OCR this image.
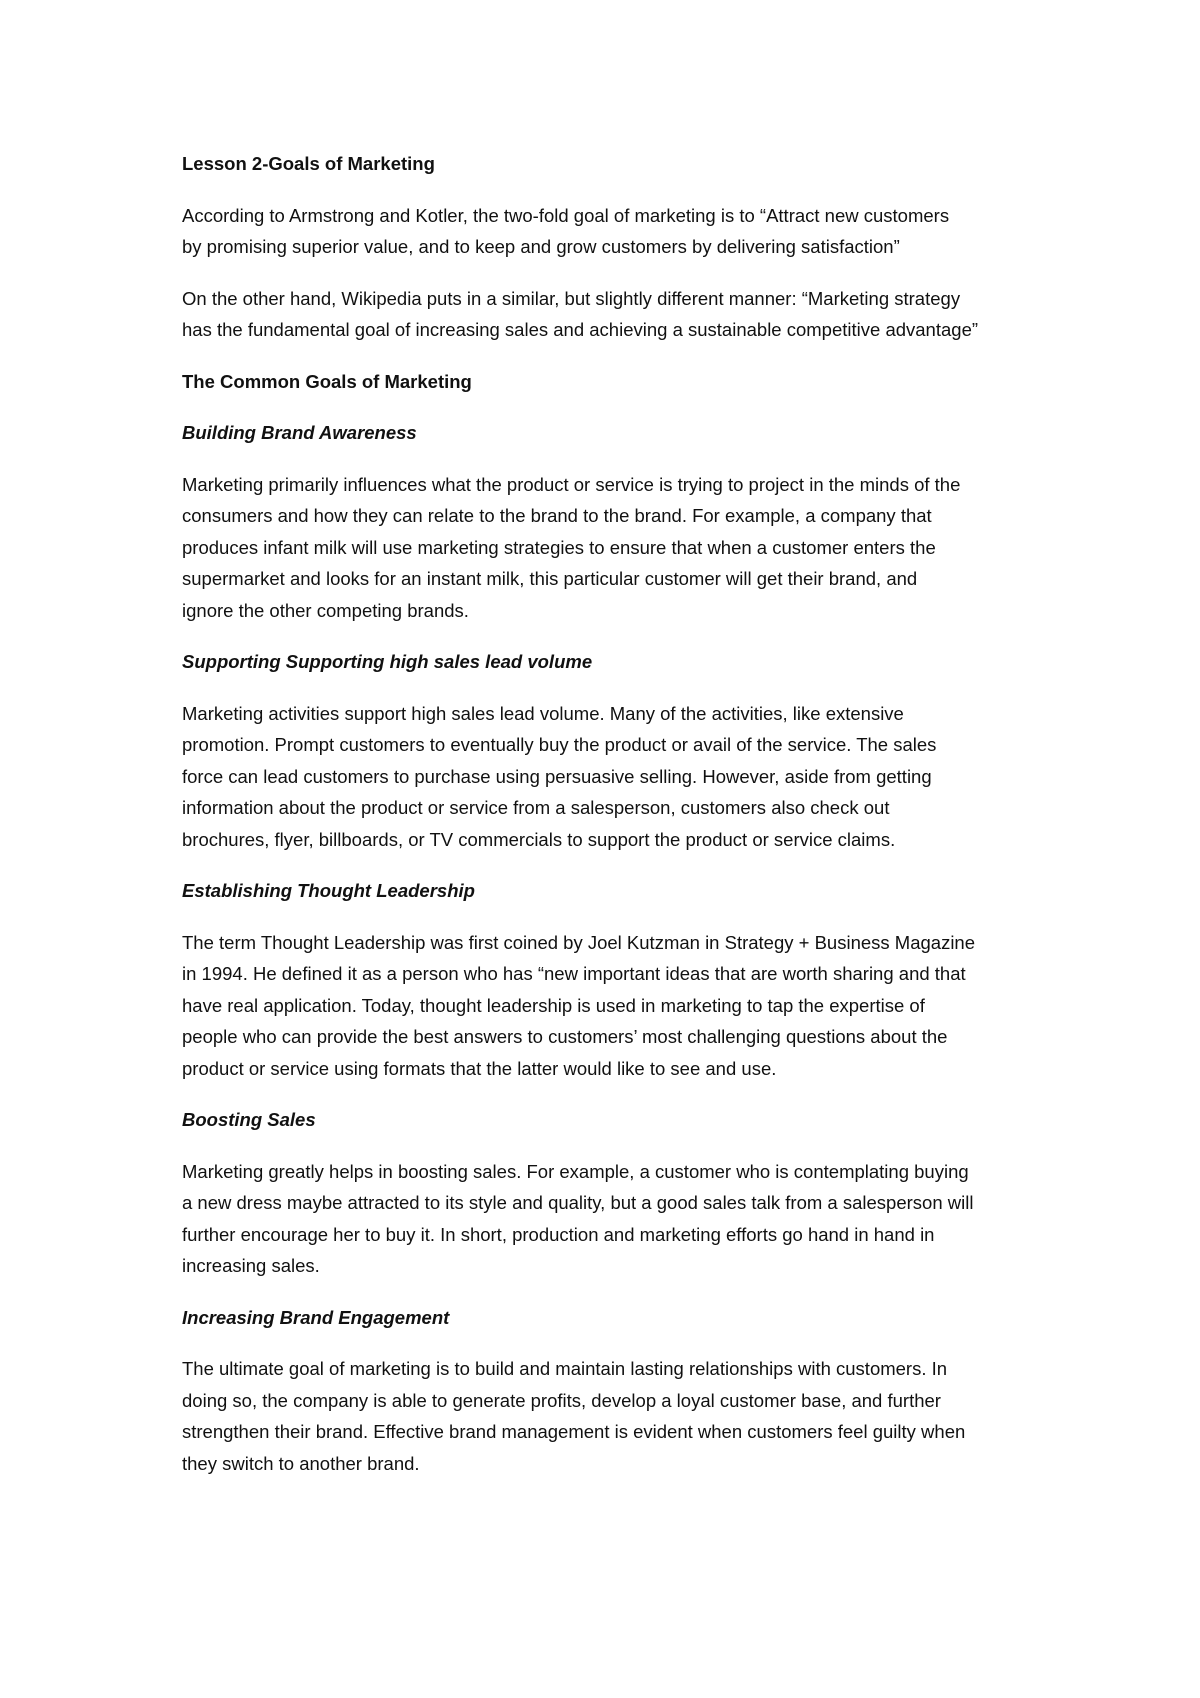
Lesson 2-Goals of Marketing
According to Armstrong and Kotler, the two-fold goal of marketing is to “Attract new customers
by promising superior value, and to keep and grow customers by delivering satisfaction”
On the other hand, Wikipedia puts in a similar, but slightly different manner: “Marketing strategy
has the fundamental goal of increasing sales and achieving a sustainable competitive advantage”
The Common Goals of Marketing
Building Brand Awareness
Marketing primarily influences what the product or service is trying to project in the minds of the
consumers and how they can relate to the brand to the brand. For example, a company that
produces infant milk will use marketing strategies to ensure that when a customer enters the
supermarket and looks for an instant milk, this particular customer will get their brand, and
ignore the other competing brands.
Supporting Supporting high sales lead volume
Marketing activities support high sales lead volume. Many of the activities, like extensive
promotion. Prompt customers to eventually buy the product or avail of the service. The sales
force can lead customers to purchase using persuasive selling. However, aside from getting
information about the product or service from a salesperson, customers also check out
brochures, flyer, billboards, or TV commercials to support the product or service claims.
Establishing Thought Leadership
The term Thought Leadership was first coined by Joel Kutzman in Strategy + Business Magazine
in 1994. He defined it as a person who has “new important ideas that are worth sharing and that
have real application. Today, thought leadership is used in marketing to tap the expertise of
people who can provide the best answers to customers’ most challenging questions about the
product or service using formats that the latter would like to see and use.
Boosting Sales
Marketing greatly helps in boosting sales. For example, a customer who is contemplating buying
a new dress maybe attracted to its style and quality, but a good sales talk from a salesperson will
further encourage her to buy it. In short, production and marketing efforts go hand in hand in
increasing sales.
Increasing Brand Engagement
The ultimate goal of marketing is to build and maintain lasting relationships with customers. In
doing so, the company is able to generate profits, develop a loyal customer base, and further
strengthen their brand. Effective brand management is evident when customers feel guilty when
they switch to another brand.
